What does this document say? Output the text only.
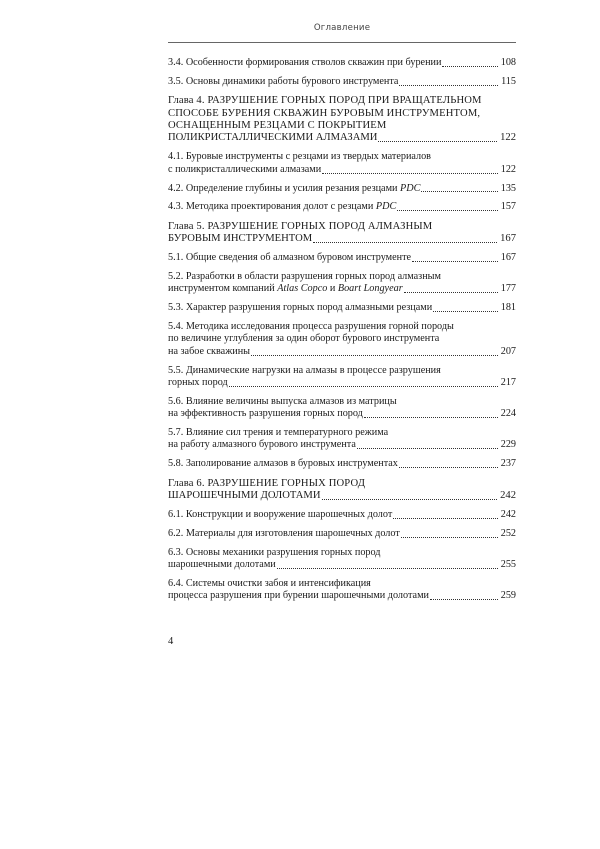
Оглавление
3.4. Особенности формирования стволов скважин при бурении	108
3.5. Основы динамики работы бурового инструмента	115
Глава 4. РАЗРУШЕНИЕ ГОРНЫХ ПОРОД ПРИ ВРАЩАТЕЛЬНОМ
СПОСОБЕ БУРЕНИЯ СКВАЖИН БУРОВЫМ ИНСТРУМЕНТОМ,
ОСНАЩЕННЫМ РЕЗЦАМИ С ПОКРЫТИЕМ
ПОЛИКРИСТАЛЛИЧЕСКИМИ АЛМАЗАМИ	122
4.1. Буровые инструменты с резцами из твердых материалов
с поликристаллическими алмазами	122
4.2. Определение глубины и усилия резания резцами PDC	135
4.3. Методика проектирования долот с резцами PDC	157
Глава 5. РАЗРУШЕНИЕ ГОРНЫХ ПОРОД АЛМАЗНЫМ
БУРОВЫМ ИНСТРУМЕНТОМ	167
5.1. Общие сведения об алмазном буровом инструменте	167
5.2. Разработки в области разрушения горных пород алмазным
инструментом компаний Atlas Copco и Boart Longyear	177
5.3. Характер разрушения горных пород алмазными резцами	181
5.4. Методика исследования процесса разрушения горной породы
по величине углубления за один оборот бурового инструмента
на забое скважины	207
5.5. Динамические нагрузки на алмазы в процессе разрушения
горных пород	217
5.6. Влияние величины выпуска алмазов из матрицы
на эффективность разрушения горных пород	224
5.7. Влияние сил трения и температурного режима
на работу алмазного бурового инструмента	229
5.8. Заполирование алмазов в буровых инструментах	237
Глава 6. РАЗРУШЕНИЕ ГОРНЫХ ПОРОД
ШАРОШЕЧНЫМИ ДОЛОТАМИ	242
6.1. Конструкции и вооружение шарошечных долот	242
6.2. Материалы для изготовления шарошечных долот	252
6.3. Основы механики разрушения горных пород
шарошечными долотами	255
6.4. Системы очистки забоя и интенсификация
процесса разрушения при бурении шарошечными долотами	259
4
